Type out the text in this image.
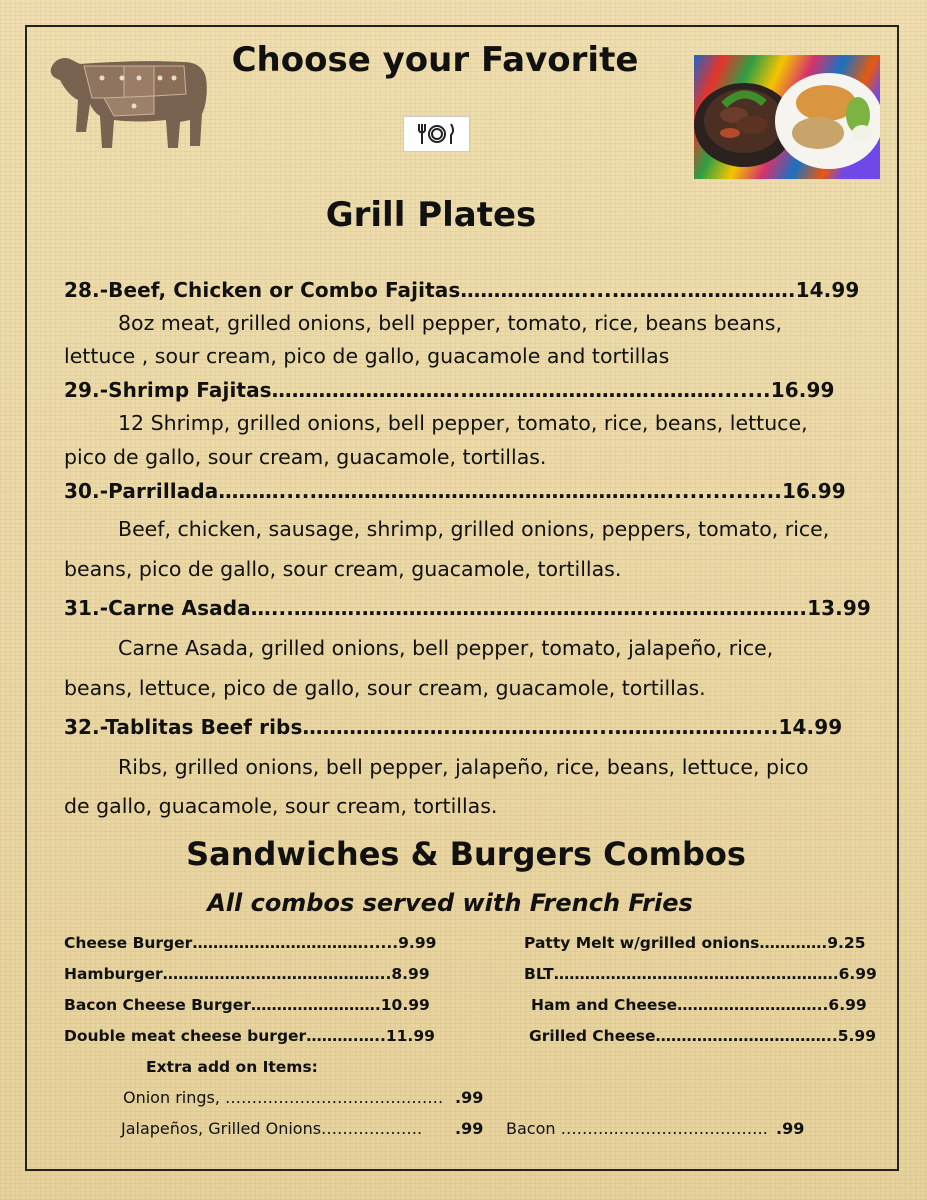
Choose your Favorite
Grill Plates
28.-Beef, Chicken or Combo Fajitas……………….....……….…………….14.99
8oz meat, grilled onions, bell pepper, tomato, rice, beans beans,
lettuce , sour cream, pico de gallo, guacamole and tortillas
29.-Shrimp Fajitas………………………..……………………….……….......16.99
12 Shrimp, grilled onions, bell pepper, tomato, rice, beans, lettuce,
pico de gallo, sour cream, guacamole, tortillas.
30.-Parrillada……….....………………………………………….…...............16.99
Beef, chicken, sausage, shrimp, grilled onions, peppers, tomato, rice,
beans, pico de gallo, sour cream, guacamole, tortillas.
31.-Carne Asada…...……….……………………………………..………………….13.99
Carne Asada, grilled onions, bell pepper, tomato, jalapeño, rice,
beans, lettuce, pico de gallo, sour cream, guacamole, tortillas.
32.-Tablitas Beef ribs………………….…………………...…………………...14.99
Ribs, grilled onions, bell pepper, jalapeño, rice, beans, lettuce, pico
de gallo, guacamole, sour cream, tortillas.
Sandwiches & Burgers Combos
All combos served with French Fries
Cheese Burger……………………………......9.99
Hamburger……………………………………..8.99
Bacon Cheese Burger…………………….10.99
Double meat cheese burger……….…..11.99
Patty Melt w/grilled onions………….9.25
BLT……………………………………………….6.99
Ham and Cheese………………………..6.99
Grilled Cheese……………………………..5.99
Extra add on Items:
Onion rings, ……………………………..…… .99
Jalapeños, Grilled Onions………………. .99 Bacon ………..………………………. .99
